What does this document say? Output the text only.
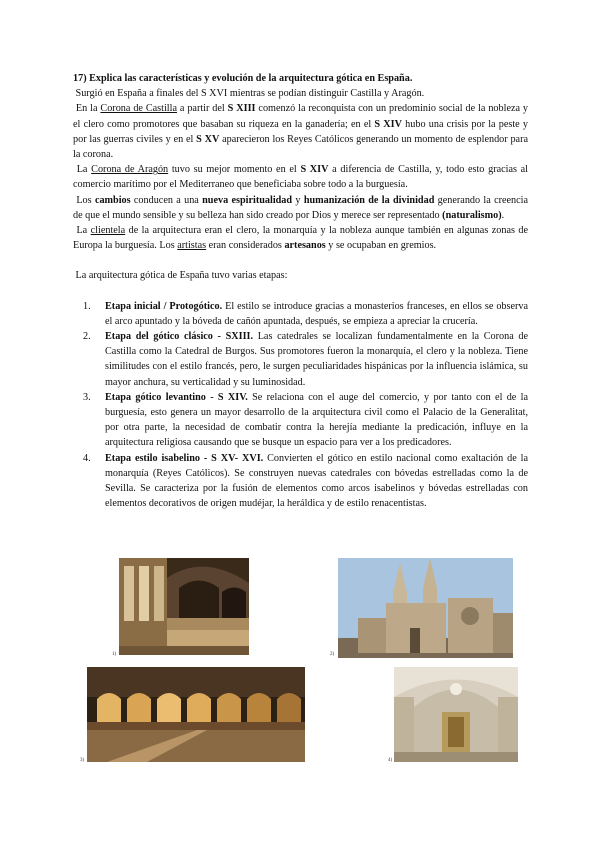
17) Explica las características y evolución de la arquitectura gótica en España.

Surgió en España a finales del S XVI mientras se podían distinguir Castilla y Aragón.

En la Corona de Castilla a partir del S XIII comenzó la reconquista con un predominio social de la nobleza y el clero como promotores que basaban su riqueza en la ganadería; en el S XIV hubo una crisis por la peste y por las guerras civiles y en el S XV aparecieron los Reyes Católicos generando un momento de esplendor para la corona.

La Corona de Aragón tuvo su mejor momento en el S XIV a diferencia de Castilla, y, todo esto gracias al comercio marítimo por el Mediterraneo que beneficiaba sobre todo a la burguesía.

Los cambios conducen a una nueva espiritualidad y humanización de la divinidad generando la creencia de que el mundo sensible y su belleza han sido creado por Dios y merece ser representado (naturalismo).

La clientela de la arquitectura eran el clero, la monarquía y la nobleza aunque también en algunas zonas de Europa la burguesía. Los artistas eran considerados artesanos y se ocupaban en gremios.

La arquitectura gótica de España tuvo varias etapas:

1. Etapa inicial / Protogótico. El estilo se introduce gracias a monasterios franceses, en ellos se observa el arco apuntado y la bóveda de cañón apuntada, después, se empieza a apreciar la crucería.
2. Etapa del gótico clásico - SXIII. Las catedrales se localizan fundamentalmente en la Corona de Castilla como la Catedral de Burgos. Sus promotores fueron la monarquía, el clero y la nobleza. Tiene similitudes con el estilo francés, pero, le surgen peculiaridades hispánicas por la influencia islámica, su mayor anchura, su verticalidad y su luminosidad.
3. Etapa gótico levantino - S XIV. Se relaciona con el auge del comercio, y por tanto con el de la burguesía, esto genera un mayor desarrollo de la arquitectura civil como el Palacio de la Generalitat, por otra parte, la necesidad de combatir contra la herejía mediante la predicación, influye en la arquitectura religiosa causando que se busque un espacio para ver a los predicadores.
4. Etapa estilo isabelino - S XV- XVI. Convierten el gótico en estilo nacional como exaltación de la monarquía (Reyes Católicos). Se construyen nuevas catedrales con bóvedas estrelladas como la de Sevilla. Se caracteriza por la fusión de elementos como arcos isabelinos y bóvedas estrelladas con elementos decorativos de origen mudéjar, la heráldica y de estilo renacentistas.
1)	2)
3)	4)
